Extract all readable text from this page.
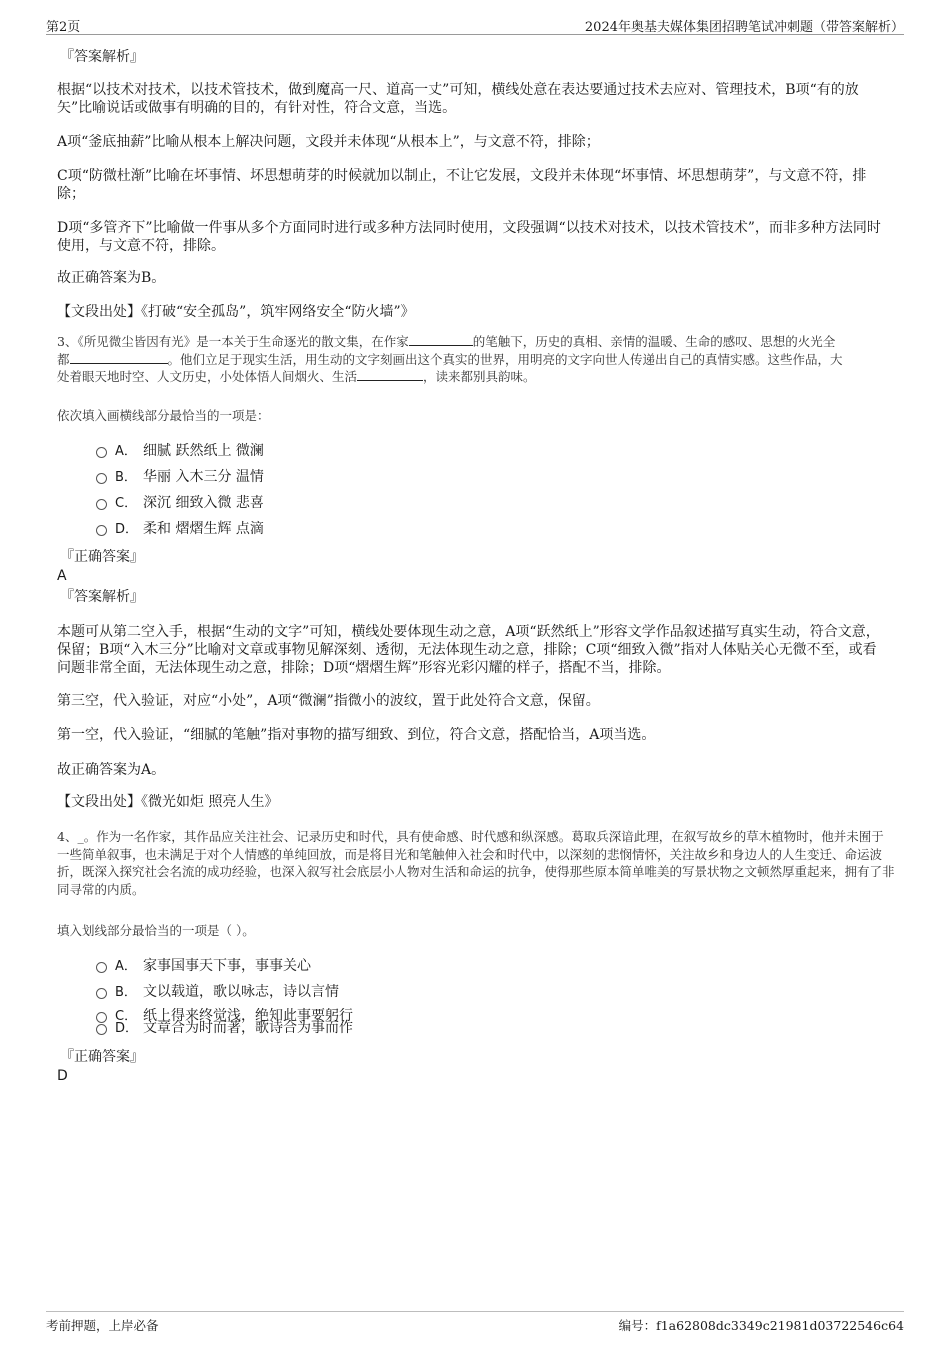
第2页	2024年奥基夫媒体集团招聘笔试冲刺题（带答案解析）
『答案解析』

根据“以技术对技术，以技术管技术，做到魔高一尺、道高一丈”可知，横线处意在表达要通过技术去应对、管理技术，B项“有的放矢”比喻说话或做事有明确的目的，有针对性，符合文意，当选。

A项“釜底抽薪”比喻从根本上解决问题，文段并未体现“从根本上”，与文意不符，排除；

C项“防微杜渐”比喻在坏事情、坏思想萌芽的时候就加以制止，不让它发展，文段并未体现“坏事情、坏思想萌芽”，与文意不符，排除；

D项“多管齐下”比喻做一件事从多个方面同时进行或多种方法同时使用，文段强调“以技术对技术，以技术管技术”，而非多种方法同时使用，与文意不符，排除。

故正确答案为B。

【文段出处】《打破“安全孤岛”，筑牢网络安全“防火墙”》

3、《所见微尘皆因有光》是一本关于生命逐光的散文集，在作家	的笔触下，历史的真相、亲情的温暖、生命的感叹、思想的火光全
都	。他们立足于现实生活，用生动的文字刻画出这个真实的世界，用明亮的文字向世人传递出自己的真情实感。这些作品，大
处着眼天地时空、人文历史，小处体悟人间烟火、生活	，读来都别具韵味。

依次填入画横线部分最恰当的一项是：

A． 细腻 跃然纸上 微澜
B． 华丽 入木三分 温情
C． 深沉 细致入微 悲喜
D． 柔和 熠熠生辉 点滴
『正确答案』
A
『答案解析』

本题可从第二空入手，根据“生动的文字”可知，横线处要体现生动之意，A项“跃然纸上”形容文学作品叙述描写真实生动，符合文意，保留；B项“入木三分”比喻对文章或事物见解深刻、透彻，无法体现生动之意，排除；C项“细致入微”指对人体贴关心无微不至，或看问题非常全面，无法体现生动之意，排除；D项“熠熠生辉”形容光彩闪耀的样子，搭配不当，排除。

第三空，代入验证，对应“小处”，A项“微澜”指微小的波纹，置于此处符合文意，保留。

第一空，代入验证，“细腻的笔触”指对事物的描写细致、到位，符合文意，搭配恰当，A项当选。

故正确答案为A。

【文段出处】《微光如炬 照亮人生》

4、_。作为一名作家，其作品应关注社会、记录历史和时代，具有使命感、时代感和纵深感。葛取兵深谙此理，在叙写故乡的草木植物时，他并未囿于一些简单叙事，也未满足于对个人情感的单纯回放，而是将目光和笔触伸入社会和时代中，以深刻的悲悯情怀，关注故乡和身边人的人生变迁、命运波折，既深入探究社会名流的成功经验，也深入叙写社会底层小人物对生活和命运的抗争，使得那些原本简单唯美的写景状物之文顿然厚重起来，拥有了非同寻常的内质。

填入划线部分最恰当的一项是（ ）。

A． 家事国事天下事，事事关心
B． 文以载道，歌以咏志，诗以言情
C． 纸上得来终觉浅，绝知此事要躬行
D． 文章合为时而著，歌诗合为事而作
『正确答案』
D
考前押题，上岸必备	编号：f1a62808dc3349c21981d03722546c64
